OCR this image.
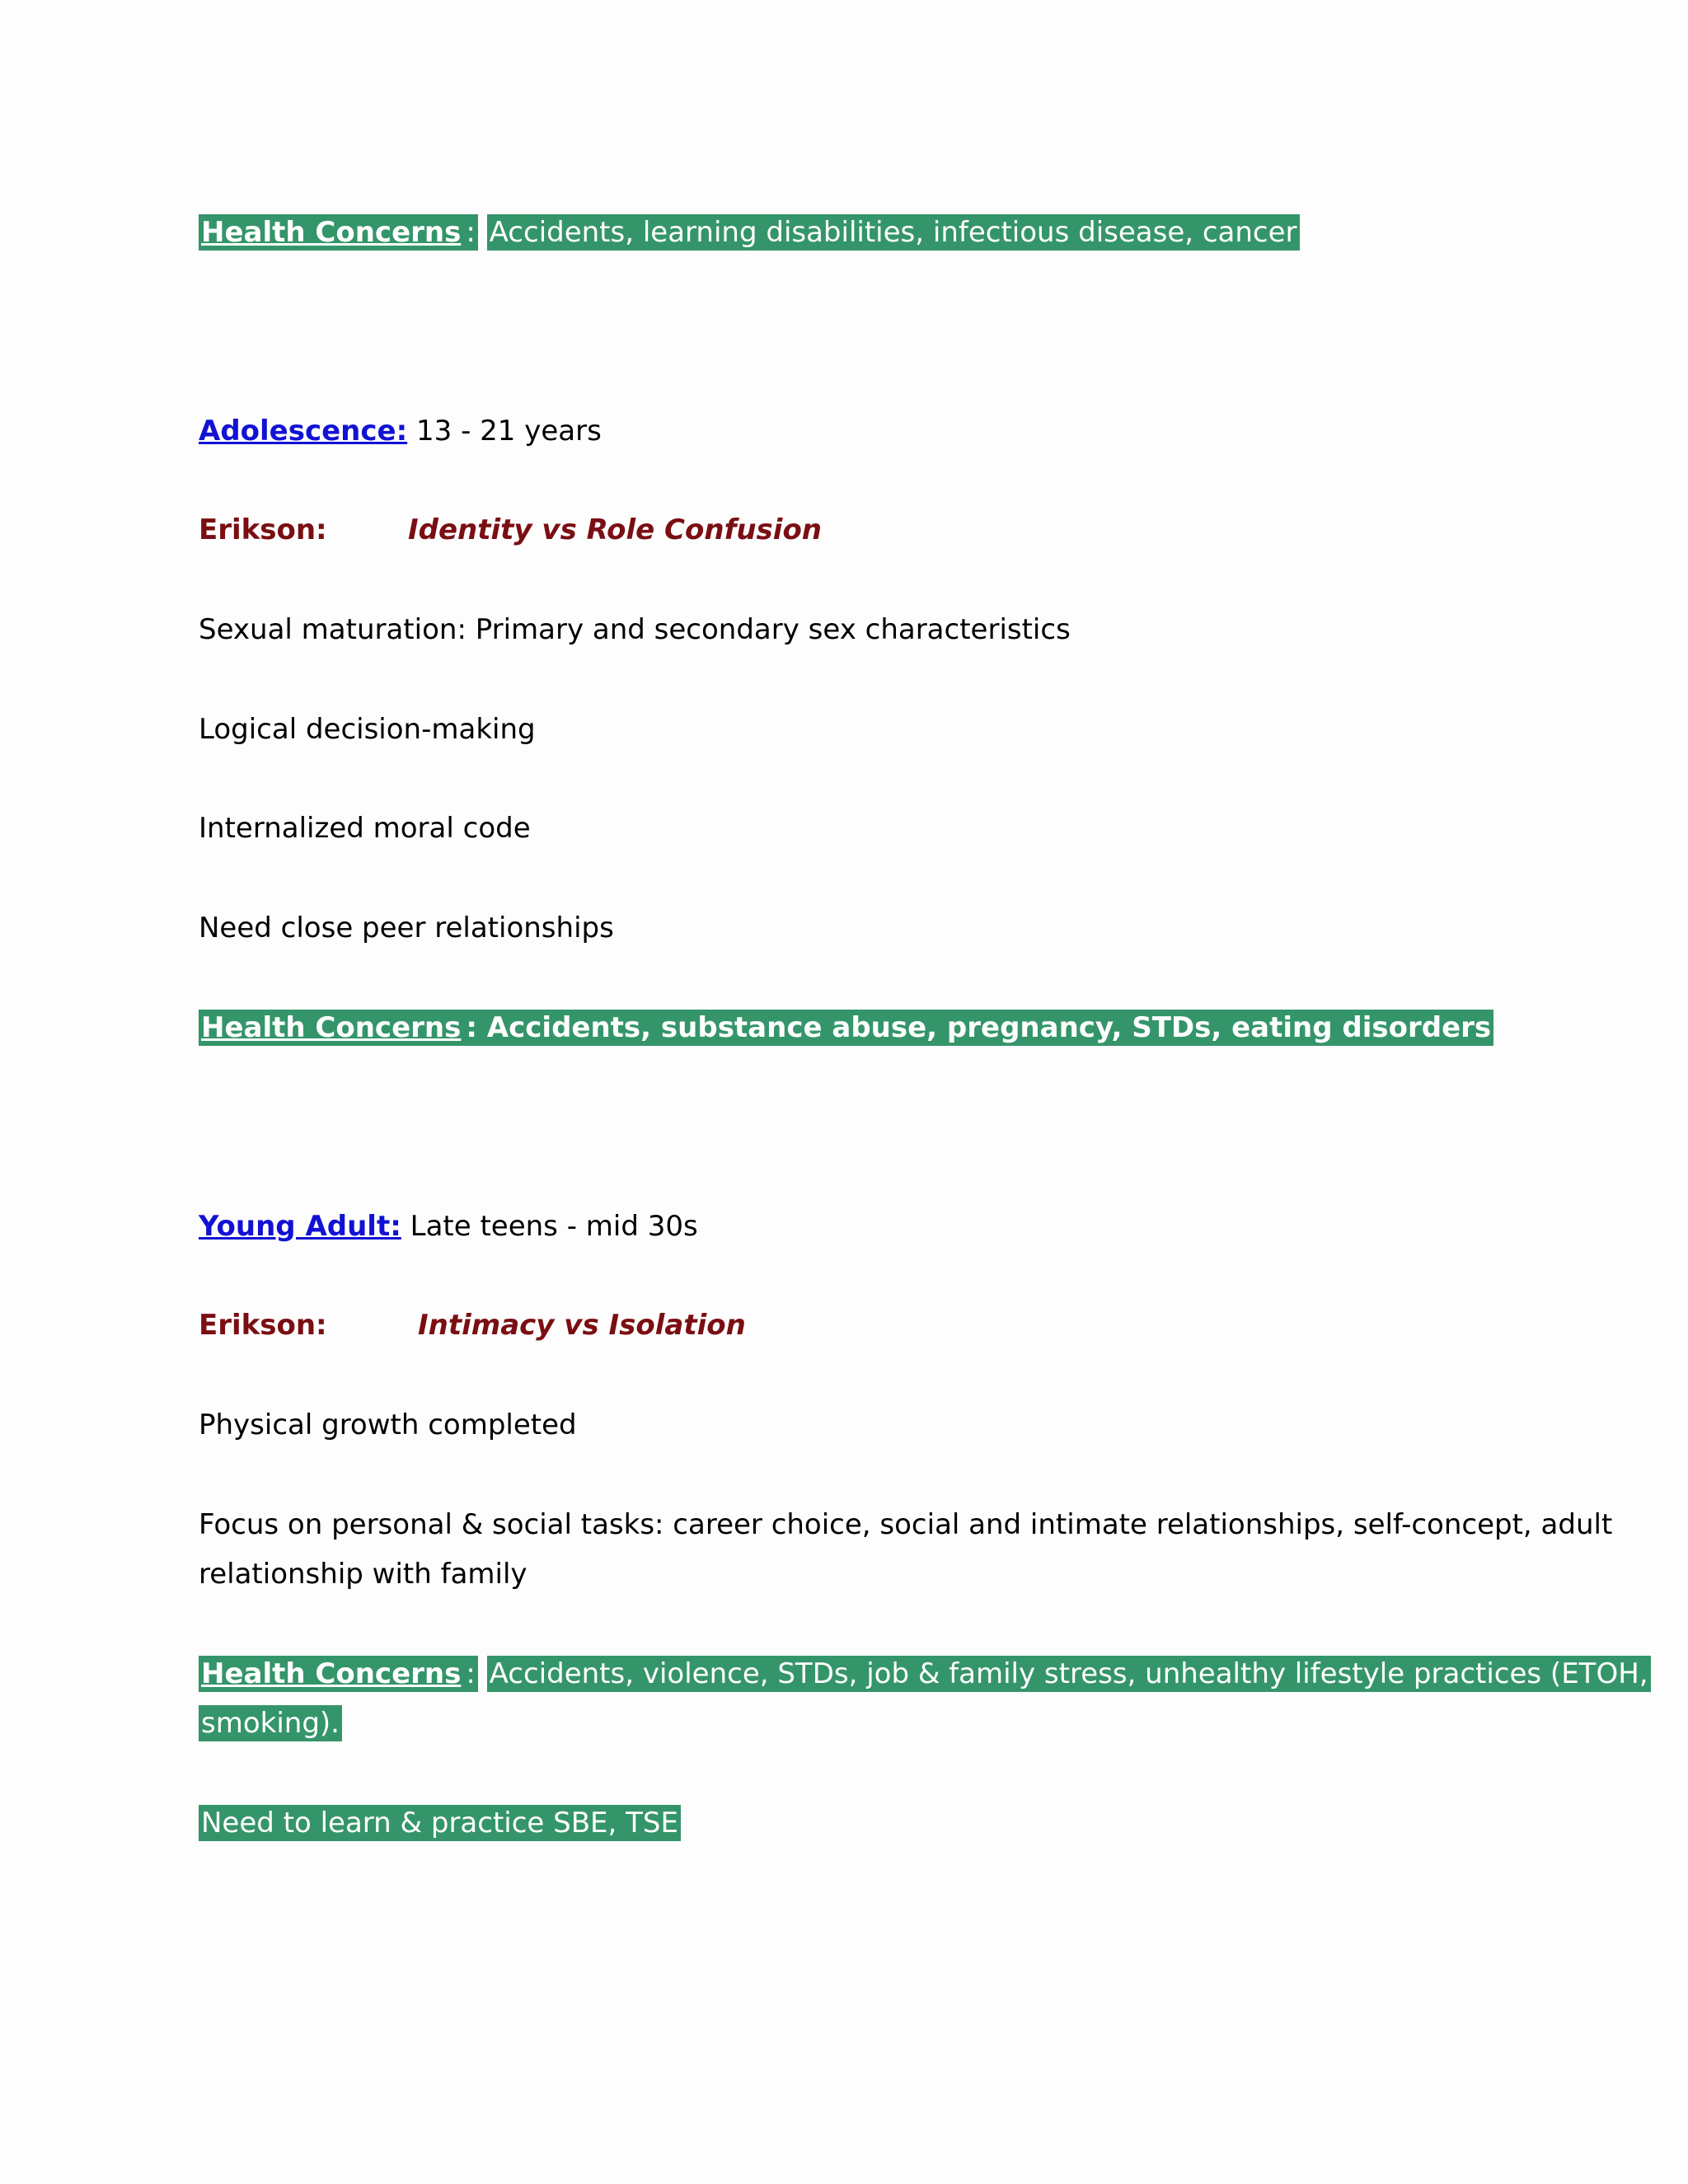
Health Concerns : Accidents, learning disabilities, infectious disease, cancer
Adolescence: 13 - 21 years
Erikson:	Identity vs Role Confusion
Sexual maturation: Primary and secondary sex characteristics
Logical decision-making
Internalized moral code
Need close peer relationships
Health Concerns : Accidents, substance abuse, pregnancy, STDs, eating disorders
Young Adult: Late teens - mid 30s
Erikson:	Intimacy vs Isolation
Physical growth completed
Focus on personal & social tasks: career choice, social and intimate relationships, self-concept, adult
relationship with family
Health Concerns : Accidents, violence, STDs, job & family stress, unhealthy lifestyle practices (ETOH,
smoking).
Need to learn & practice SBE, TSE
